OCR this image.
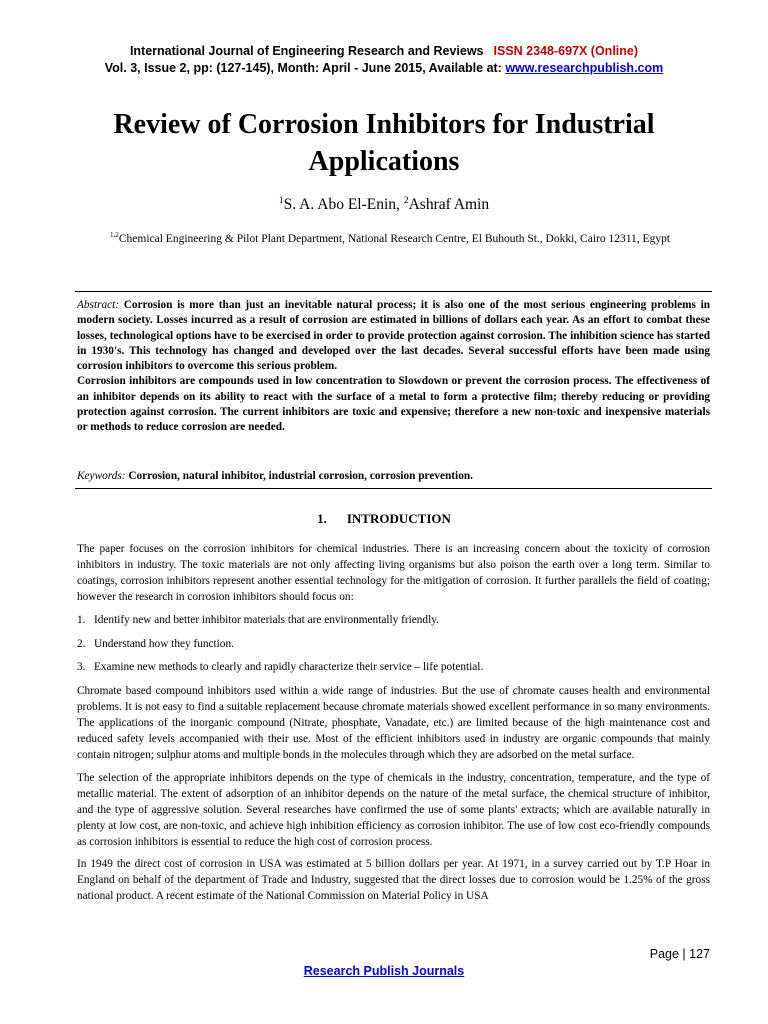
International Journal of Engineering Research and Reviews ISSN 2348-697X (Online)
Vol. 3, Issue 2, pp: (127-145), Month: April - June 2015, Available at: www.researchpublish.com
Review of Corrosion Inhibitors for Industrial Applications
$^1$S. A. Abo El-Enin, $^2$Ashraf Amin
$^{1,2}$Chemical Engineering & Pilot Plant Department, National Research Centre, El Buhouth St., Dokki, Cairo 12311, Egypt

Abstract: Corrosion is more than just an inevitable natural process; it is also one of the most serious engineering problems in modern society. Losses incurred as a result of corrosion are estimated in billions of dollars each year. As an effort to combat these losses, technological options have to be exercised in order to provide protection against corrosion. The inhibition science has started in 1930's. This technology has changed and developed over the last decades. Several successful efforts have been made using corrosion inhibitors to overcome this serious problem.

Corrosion inhibitors are compounds used in low concentration to Slowdown or prevent the corrosion process. The effectiveness of an inhibitor depends on its ability to react with the surface of a metal to form a protective film; thereby reducing or providing protection against corrosion. The current inhibitors are toxic and expensive; therefore a new non-toxic and inexpensive materials or methods to reduce corrosion are needed.

Keywords: Corrosion, natural inhibitor, industrial corrosion, corrosion prevention.

1. INTRODUCTION

The paper focuses on the corrosion inhibitors for chemical industries. There is an increasing concern about the toxicity of corrosion inhibitors in industry. The toxic materials are not only affecting living organisms but also poison the earth over a long term. Similar to coatings, corrosion inhibitors represent another essential technology for the mitigation of corrosion. It further parallels the field of coating; however the research in corrosion inhibitors should focus on:

1. Identify new and better inhibitor materials that are environmentally friendly.
2. Understand how they function.
3. Examine new methods to clearly and rapidly characterize their service – life potential.

Chromate based compound inhibitors used within a wide range of industries. But the use of chromate causes health and environmental problems. It is not easy to find a suitable replacement because chromate materials showed excellent performance in so many environments. The applications of the inorganic compound (Nitrate, phosphate, Vanadate, etc.) are limited because of the high maintenance cost and reduced safety levels accompanied with their use. Most of the efficient inhibitors used in industry are organic compounds that mainly contain nitrogen; sulphur atoms and multiple bonds in the molecules through which they are adsorbed on the metal surface.

The selection of the appropriate inhibitors depends on the type of chemicals in the industry, concentration, temperature, and the type of metallic material. The extent of adsorption of an inhibitor depends on the nature of the metal surface, the chemical structure of inhibitor, and the type of aggressive solution. Several researches have confirmed the use of some plants' extracts; which are available naturally in plenty at low cost, are non-toxic, and achieve high inhibition efficiency as corrosion inhibitor. The use of low cost eco-friendly compounds as corrosion inhibitors is essential to reduce the high cost of corrosion process.

In 1949 the direct cost of corrosion in USA was estimated at 5 billion dollars per year. At 1971, in a survey carried out by T.P Hoar in England on behalf of the department of Trade and Industry, suggested that the direct losses due to corrosion would be 1.25% of the gross national product. A recent estimate of the National Commission on Material Policy in USA

Page | 127
Research Publish Journals
